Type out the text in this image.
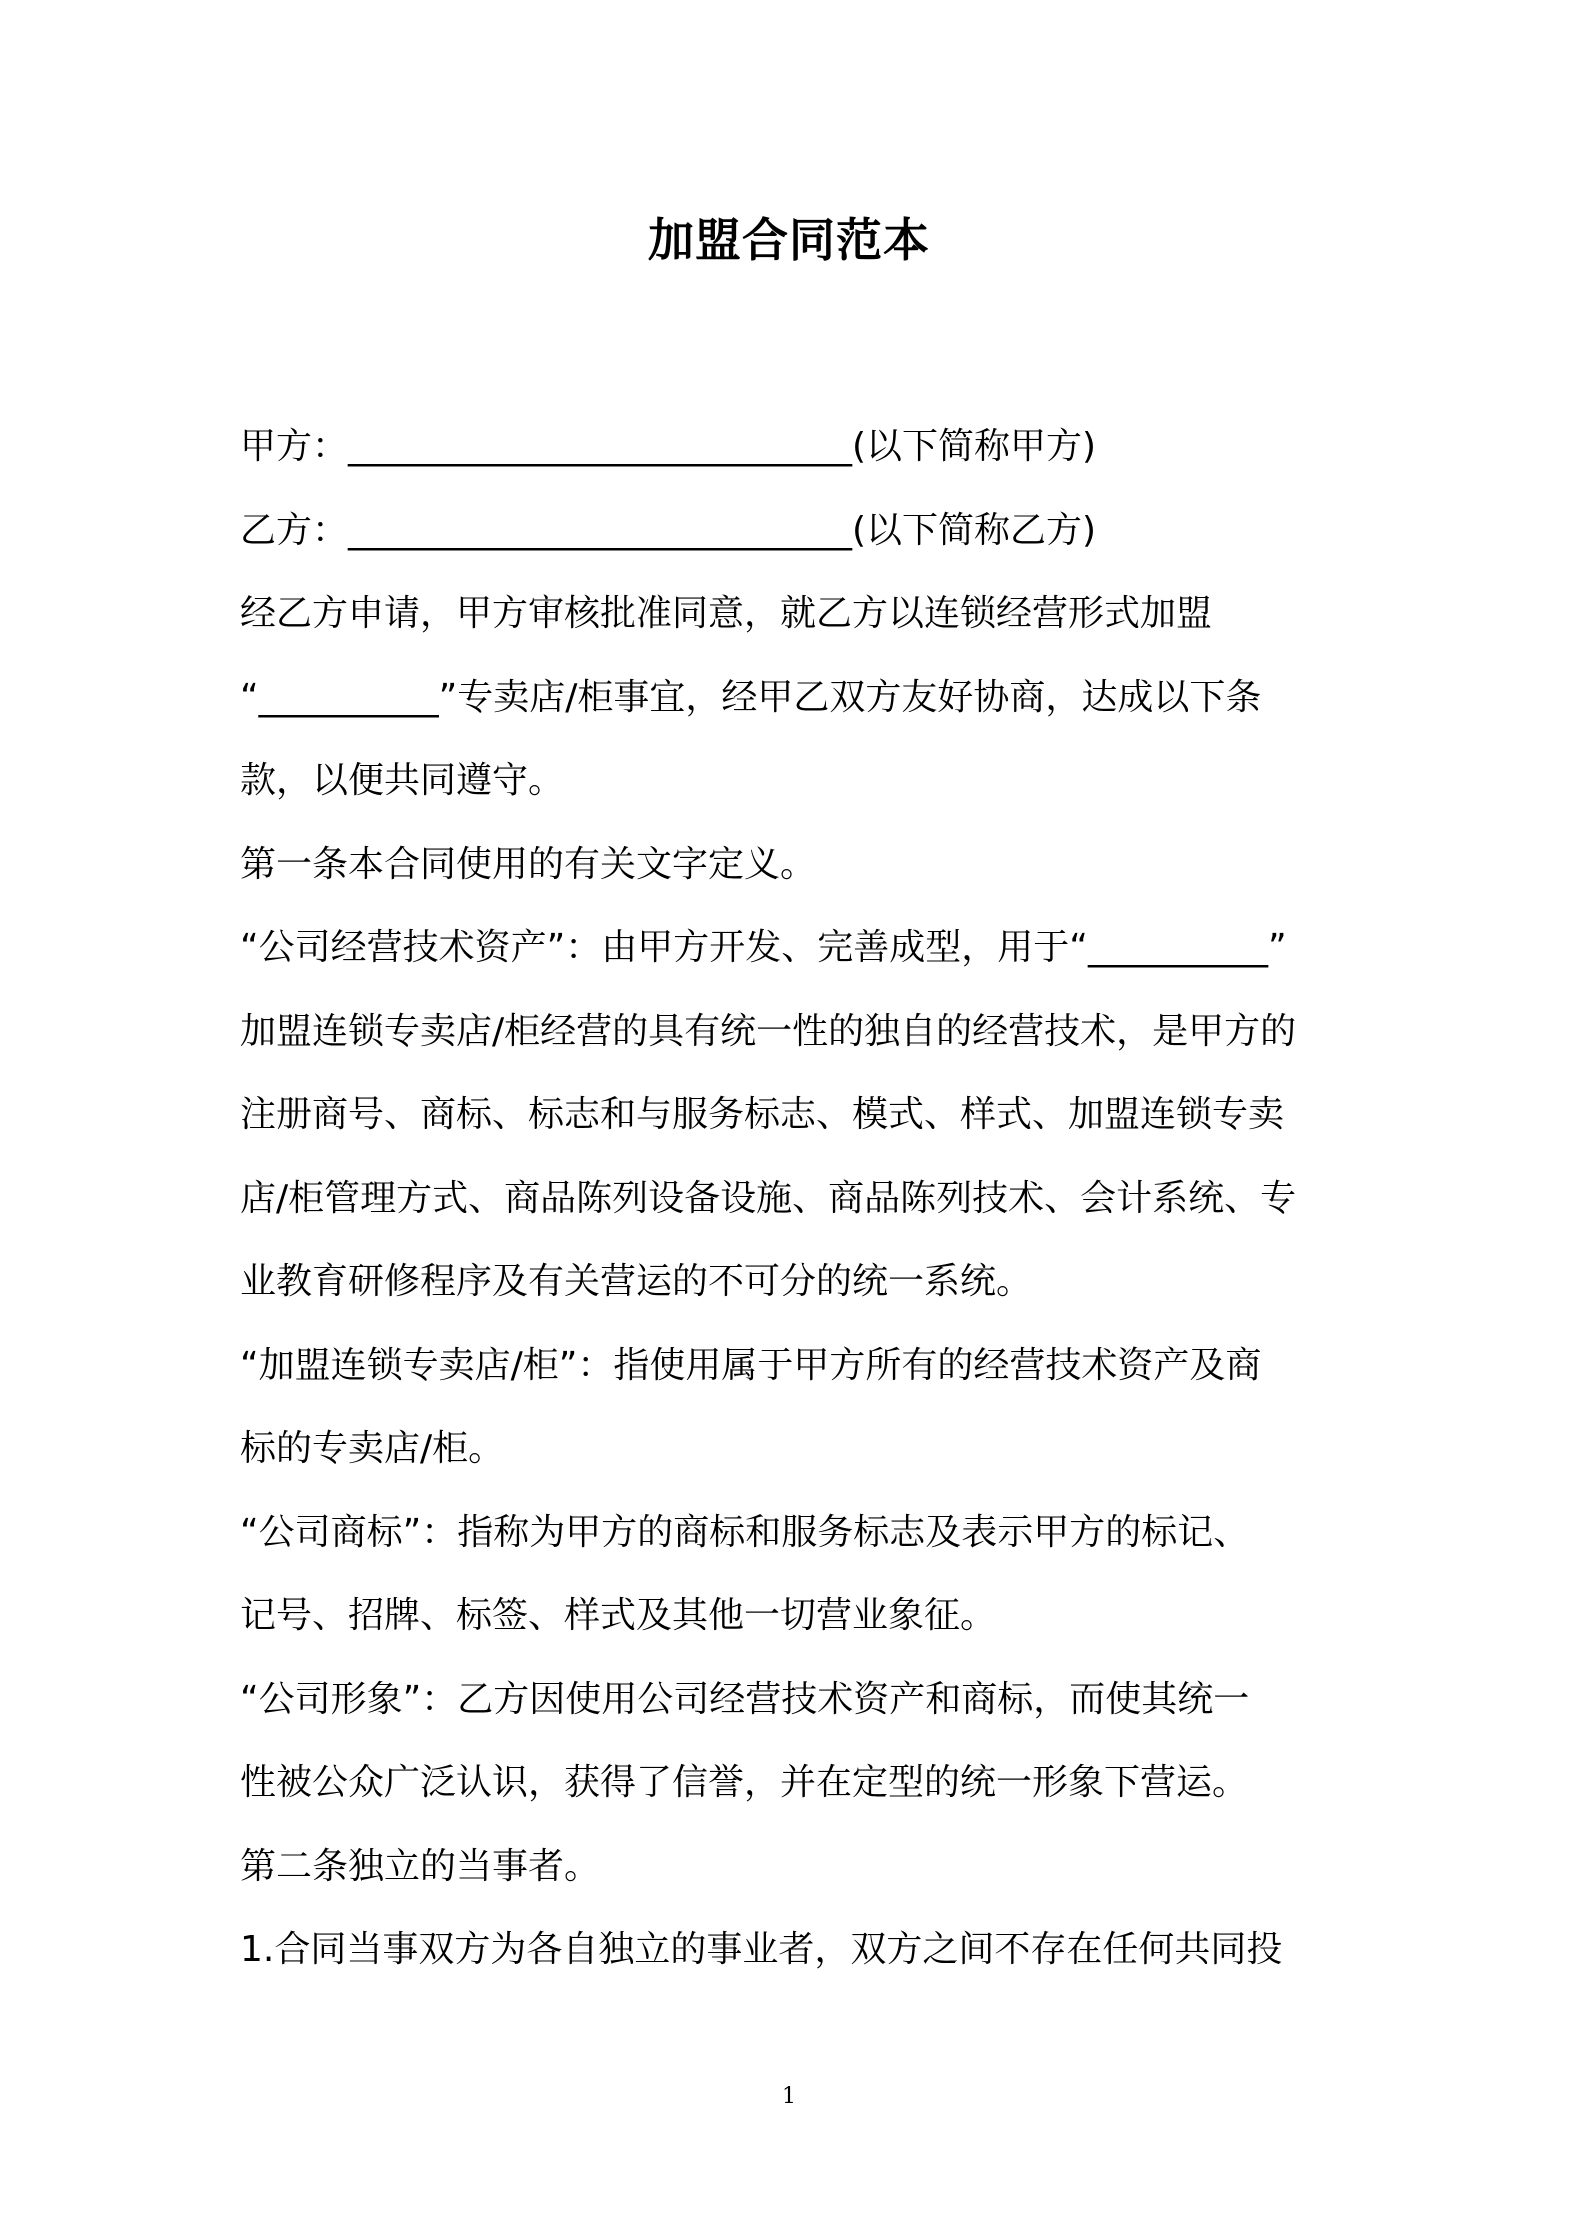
加盟合同范本
甲方：____________________________(以下简称甲方)
乙方：____________________________(以下简称乙方)
经乙方申请，甲方审核批准同意，就乙方以连锁经营形式加盟
“__________”专卖店/柜事宜，经甲乙双方友好协商，达成以下条
款，以便共同遵守。
第一条本合同使用的有关文字定义。
“公司经营技术资产”：由甲方开发、完善成型，用于“__________”
加盟连锁专卖店/柜经营的具有统一性的独自的经营技术，是甲方的
注册商号、商标、标志和与服务标志、模式、样式、加盟连锁专卖
店/柜管理方式、商品陈列设备设施、商品陈列技术、会计系统、专
业教育研修程序及有关营运的不可分的统一系统。
“加盟连锁专卖店/柜”：指使用属于甲方所有的经营技术资产及商
标的专卖店/柜。
“公司商标”：指称为甲方的商标和服务标志及表示甲方的标记、
记号、招牌、标签、样式及其他一切营业象征。
“公司形象”：乙方因使用公司经营技术资产和商标，而使其统一
性被公众广泛认识，获得了信誉，并在定型的统一形象下营运。
第二条独立的当事者。
1.合同当事双方为各自独立的事业者，双方之间不存在任何共同投
1
